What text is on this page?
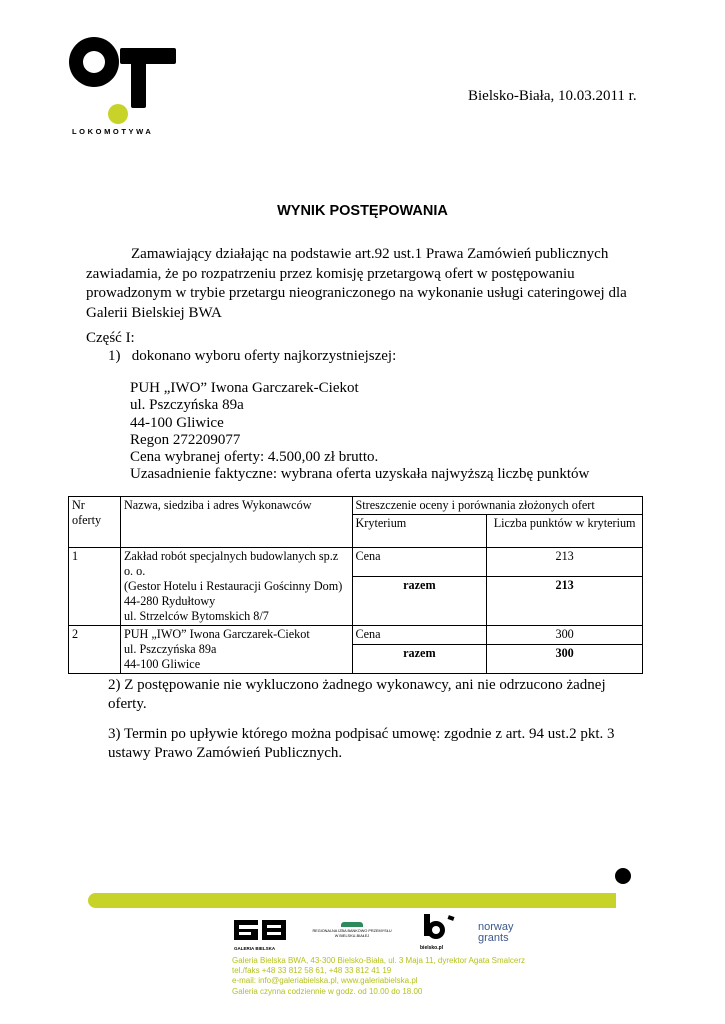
LOKOMOTYWA
Bielsko-Biała, 10.03.2011 r.
WYNIK POSTĘPOWANIA
Zamawiający działając na podstawie art.92 ust.1 Prawa Zamówień publicznych zawiadamia, że po rozpatrzeniu przez komisję przetargową ofert w postępowaniu prowadzonym w trybie przetargu nieograniczonego na wykonanie usługi cateringowej dla Galerii Bielskiej BWA
Część I:
1) dokonano wyboru oferty najkorzystniejszej:
PUH „IWO” Iwona Garczarek-Ciekot
ul. Pszczyńska 89a
44-100 Gliwice
Regon 272209077
Cena wybranej oferty: 4.500,00 zł brutto.
Uzasadnienie faktyczne: wybrana oferta uzyskała najwyższą liczbę punktów
Nr oferty	Nazwa, siedziba i adres Wykonawców	Streszczenie oceny i porównania złożonych ofert	
		Kryterium	Liczba punktów w kryterium
1	Zakład robót specjalnych budowlanych sp.z o. o.
(Gestor Hotelu i Restauracji Gościnny Dom)
44-280 Rydułtowy
ul. Strzelców Bytomskich 8/7	Cena	213
		razem	213
2	PUH „IWO” Iwona Garczarek-Ciekot
ul. Pszczyńska 89a
44-100 Gliwice	Cena	300
		razem	300
2) Z postępowanie nie wykluczono żadnego wykonawcy, ani nie odrzucono żadnej oferty.
3) Termin po upływie którego można podpisać umowę: zgodnie z art. 94 ust.2 pkt. 3 ustawy Prawo Zamówień Publicznych.
GALERIA BIELSKA
REGIONALNA IZBA BANKOWO PRZEMYSŁU W BIELSKU-BIAŁEJ
bielsko.pl
norway
grants
Galeria Bielska BWA, 43-300 Bielsko-Biała, ul. 3 Maja 11, dyrektor Agata Smalcerz
tel./faks +48 33 812 58 61, +48 33 812 41 19
e-mail: info@galeriabielska.pl, www.galeriabielska.pl
Galeria czynna codziennie w godz. od 10.00 do 18.00
